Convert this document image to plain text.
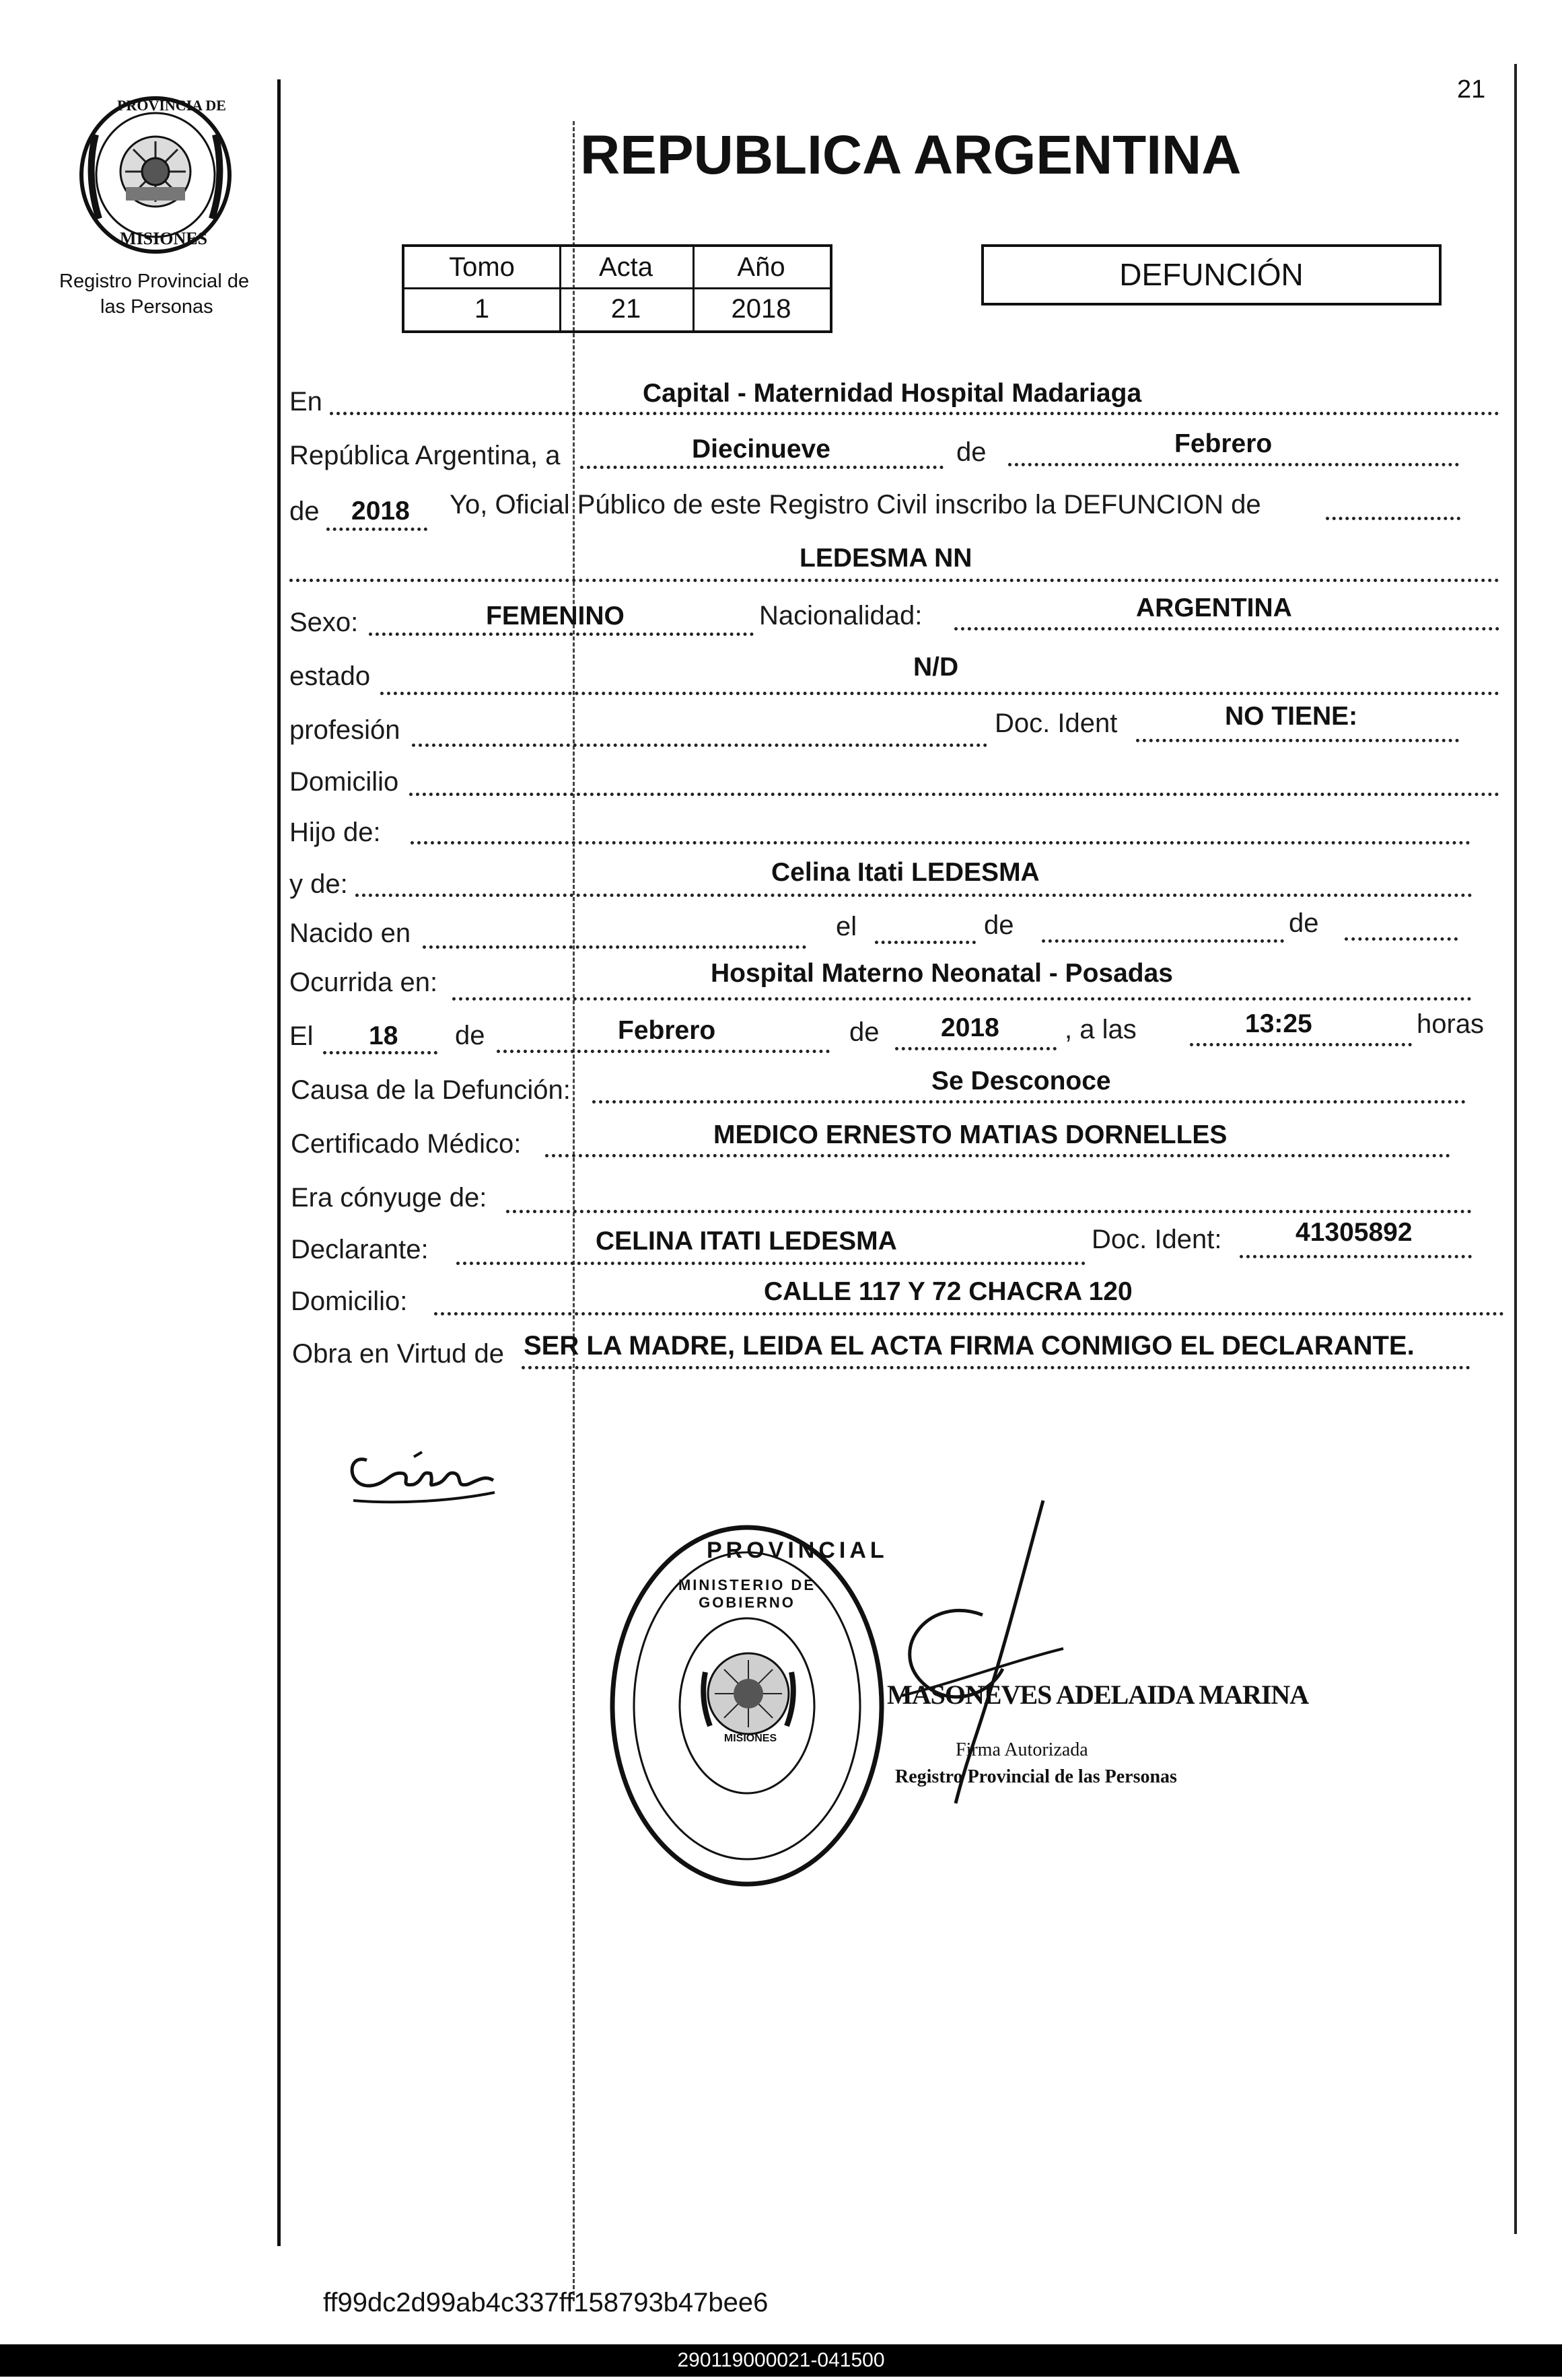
21
PROVINCIA DE
MISIONES
Registro Provincial de
las Personas
REPUBLICA ARGENTINA
Tomo	Acta	Año
1	21	2018
DEFUNCIÓN
En	Capital - Maternidad Hospital Madariaga
República Argentina, a	Diecinueve	de	Febrero
de 2018 Yo, Oficial Público de este Registro Civil inscribo la DEFUNCION de
LEDESMA NN
Sexo:	FEMENINO	Nacionalidad:	ARGENTINA
estado	N/D
profesión	Doc. Ident	NO TIENE:
Domicilio
Hijo de:
y de:	Celina Itati LEDESMA
Nacido en	el	de	de
Ocurrida en:	Hospital Materno Neonatal - Posadas
El 18 de	Febrero	de 2018 , a las	13:25	horas
Causa de la Defunción:	Se Desconoce
Certificado Médico:	MEDICO ERNESTO MATIAS DORNELLES
Era cónyuge de:
Declarante:	CELINA ITATI LEDESMA	Doc. Ident:	41305892
Domicilio:	CALLE 117 Y 72 CHACRA 120
Obra en Virtud de SER LA MADRE, LEIDA EL ACTA FIRMA CONMIGO EL DECLARANTE.
MINISTERIO DE GOBIERNO
MISIONES
PROVINCIAL
MASONEVES ADELAIDA MARINA
Firma Autorizada
Registro Provincial de las Personas
ff99dc2d99ab4c337ff158793b47bee6
290119000021-041500
